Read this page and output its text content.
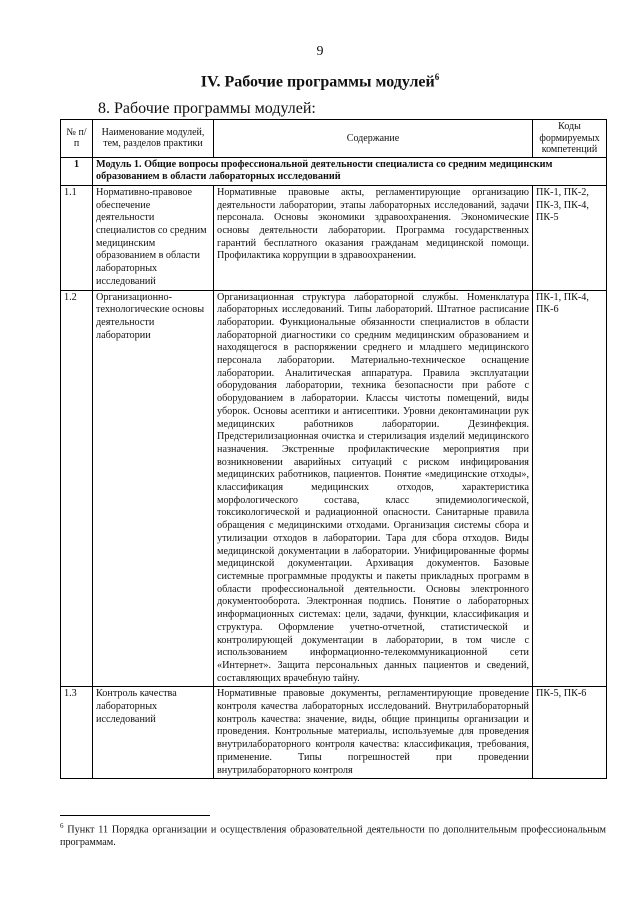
9
IV. Рабочие программы модулей$^6$
8. Рабочие программы модулей:
№ п/п	Наименование модулей, тем, разделов практики	Содержание	Коды формируемых компетенций
1	Модуль 1. Общие вопросы профессиональной деятельности специалиста со средним медицинским образованием в области лабораторных исследований		
1.1	Нормативно-правовое обеспечение деятельности специалистов со средним медицинским образованием в области лабораторных исследований	Нормативные правовые акты, регламентирующие организацию деятельности лаборатории, этапы лабораторных исследований, задачи персонала. Основы экономики здравоохранения. Экономические основы деятельности лаборатории. Программа государственных гарантий бесплатного оказания гражданам медицинской помощи. Профилактика коррупции в здравоохранении.	ПК-1, ПК-2, ПК-3, ПК-4, ПК-5
1.2	Организационно-технологические основы деятельности лаборатории	Организационная структура лабораторной службы. Номенклатура лабораторных исследований. Типы лабораторий. Штатное расписание лаборатории. Функциональные обязанности специалистов в области лабораторной диагностики со средним медицинским образованием и находящегося в распоряжении среднего и младшего медицинского персонала лаборатории. Материально-техническое оснащение лаборатории. Аналитическая аппаратура. Правила эксплуатации оборудования лаборатории, техника безопасности при работе с оборудованием в лаборатории. Классы чистоты помещений, виды уборок. Основы асептики и антисептики. Уровни деконтаминации рук медицинских работников лаборатории. Дезинфекция. Предстерилизационная очистка и стерилизация изделий медицинского назначения. Экстренные профилактические мероприятия при возникновении аварийных ситуаций с риском инфицирования медицинских работников, пациентов. Понятие «медицинские отходы», классификация медицинских отходов, характеристика морфологического состава, класс эпидемиологической, токсикологической и радиационной опасности. Санитарные правила обращения с медицинскими отходами. Организация системы сбора и утилизации отходов в лаборатории. Тара для сбора отходов. Виды медицинской документации в лаборатории. Унифицированные формы медицинской документации. Архивация документов. Базовые системные программные продукты и пакеты прикладных программ в области профессиональной деятельности. Основы электронного документооборота. Электронная подпись. Понятие о лабораторных информационных системах: цели, задачи, функции, классификация и структура. Оформление учетно-отчетной, статистической и контролирующей документации в лаборатории, в том числе с использованием информационно-телекоммуникационной сети «Интернет». Защита персональных данных пациентов и сведений, составляющих врачебную тайну.	ПК-1, ПК-4, ПК-6
1.3	Контроль качества лабораторных исследований	Нормативные правовые документы, регламентирующие проведение контроля качества лабораторных исследований. Внутрилабораторный контроль качества: значение, виды, общие принципы организации и проведения. Контрольные материалы, используемые для проведения внутрилабораторного контроля качества: классификация, требования, применение. Типы погрешностей при проведении внутрилабораторного контроля	ПК-5, ПК-6
$^6$ Пункт 11 Порядка организации и осуществления образовательной деятельности по дополнительным профессиональным программам.
